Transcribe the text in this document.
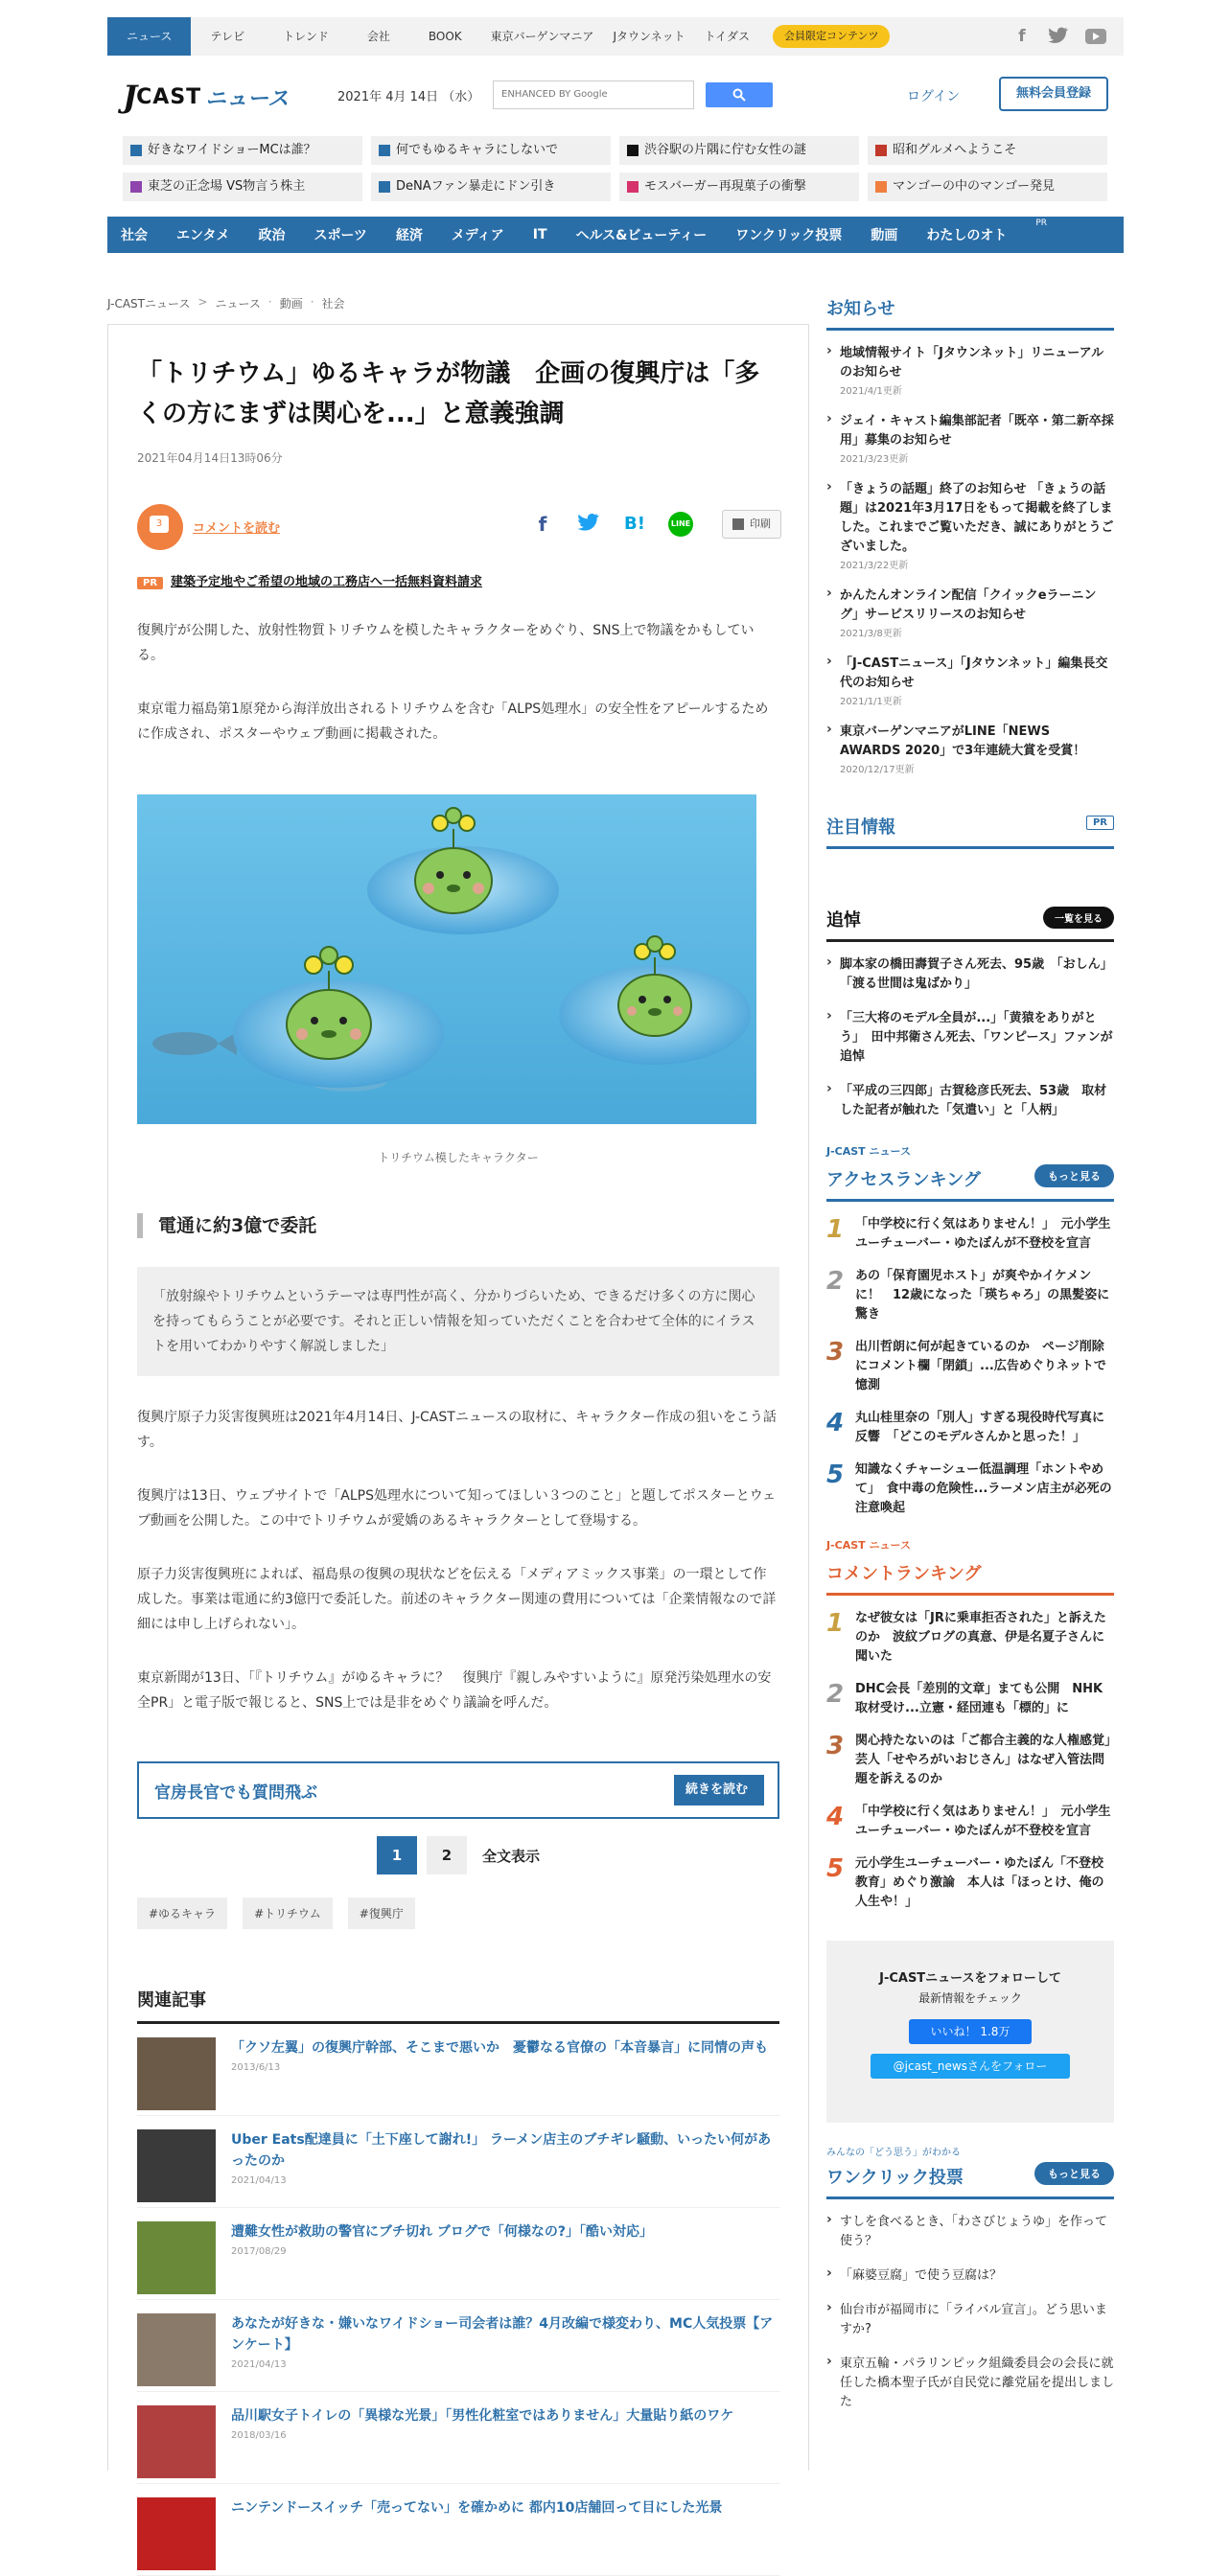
ニュース	テレビ	トレンド	会社	BOOK	東京バーゲンマニア	Jタウンネット	トイダス	会員限定コンテンツ	f
J CAST ニュース	2021年 4月 14日 （水）	ENHANCED BY Google	ログイン	無料会員登録
好きなワイドショーMCは誰？	何でもゆるキャラにしないで	渋谷駅の片隅に佇む女性の謎	昭和グルメへようこそ
東芝の正念場 VS物言う株主	DeNAファン暴走にドン引き	モスバーガー再現菓子の衝撃	マンゴーの中のマンゴー発見
社会 エンタメ 政治 スポーツ 経済 メディア IT ヘルス&ビューティー ワンクリック投票 動画 わたしのオト
PR
J-CASTニュース > ニュース · 動画 · 社会
「トリチウム」ゆるキャラが物議　企画の復興庁は「多くの方にまずは関心を...」と意義強調
2021年04月14日13時06分
3	コメントを読む	f	B!	LINE	印刷
PR 建築予定地やご希望の地域の工務店へ一括無料資料請求

復興庁が公開した、放射性物質トリチウムを模したキャラクターをめぐり、SNS上で物議をかもしている。

東京電力福島第1原発から海洋放出されるトリチウムを含む「ALPS処理水」の安全性をアピールするために作成され、ポスターやウェブ動画に掲載された。

トリチウム模したキャラクター
電通に約3億で委託
「放射線やトリチウムというテーマは専門性が高く、分かりづらいため、できるだけ多くの方に関心を持ってもらうことが必要です。それと正しい情報を知っていただくことを合わせて全体的にイラストを用いてわかりやすく解説しました」

復興庁原子力災害復興班は2021年4月14日、J-CASTニュースの取材に、キャラクター作成の狙いをこう話す。

復興庁は13日、ウェブサイトで「ALPS処理水について知ってほしい３つのこと」と題してポスターとウェブ動画を公開した。この中でトリチウムが愛嬌のあるキャラクターとして登場する。

原子力災害復興班によれば、福島県の復興の現状などを伝える「メディアミックス事業」の一環として作成した。事業は電通に約3億円で委託した。前述のキャラクター関連の費用については「企業情報なので詳細には申し上げられない」。

東京新聞が13日、「『トリチウム』がゆるキャラに？　復興庁『親しみやすいように』原発汚染処理水の安全PR」と電子版で報じると、SNS上では是非をめぐり議論を呼んだ。

官房長官でも質問飛ぶ	続きを読む
1	2	全文表示
#ゆるキャラ	#トリチウム	#復興庁
関連記事
「クソ左翼」の復興庁幹部、そこまで悪いか　憂鬱なる官僚の「本音暴言」に同情の声も
2013/6/13
Uber Eats配達員に「土下座して謝れ!」 ラーメン店主のブチギレ騒動、いったい何があったのか
2021/04/13
遭難女性が救助の警官にブチ切れ ブログで「何様なの?」「酷い対応」
2017/08/29
あなたが好きな・嫌いなワイドショー司会者は誰？4月改編で様変わり、MC人気投票【アンケート】
2021/04/13
品川駅女子トイレの「異様な光景」「男性化粧室ではありません」大量貼り紙のワケ
2018/03/16
ニンテンドースイッチ「売ってない」を確かめに 都内10店舗回って目にした光景
お知らせ
› 地域情報サイト「Jタウンネット」リニューアルのお知らせ
2021/4/1更新
› ジェイ・キャスト編集部記者「既卒・第二新卒採用」募集のお知らせ
2021/3/23更新
› 「きょうの話題」終了のお知らせ 「きょうの話題」は2021年3月17日をもって掲載を終了しました。これまでご覧いただき、誠にありがとうございました。
2021/3/22更新
› かんたんオンライン配信「クイックeラーニング」サービスリリースのお知らせ
2021/3/8更新
› 「J-CASTニュース」「Jタウンネット」編集長交代のお知らせ
2021/1/1更新
› 東京バーゲンマニアがLINE「NEWS AWARDS 2020」で3年連続大賞を受賞！
2020/12/17更新
注目情報	PR
追悼	一覧を見る
› 脚本家の橋田壽賀子さん死去、95歳　「おしん」「渡る世間は鬼ばかり」
› 「三大将のモデル全員が...」「黄猿をありがとう」　田中邦衛さん死去、「ワンピース」ファンが追悼
› 「平成の三四郎」古賀稔彦氏死去、53歳　取材した記者が触れた「気遣い」と「人柄」
J-CAST ニュース
アクセスランキング	もっと見る
1 「中学校に行く気はありません！」　元小学生ユーチューバー・ゆたぼんが不登校を宣言
2 あの「保育園児ホスト」が爽やかイケメンに！　12歳になった「瑛ちゃろ」の黒髪姿に驚き
3 出川哲朗に何が起きているのか　ページ削除にコメント欄「閉鎖」...広告めぐりネットで憶測
4 丸山桂里奈の「別人」すぎる現役時代写真に反響　「どこのモデルさんかと思った！」
5 知識なくチャーシュー低温調理「ホントやめて」　食中毒の危険性...ラーメン店主が必死の注意喚起
J-CAST ニュース
コメントランキング
1 なぜ彼女は「JRに乗車拒否された」と訴えたのか　波紋ブログの真意、伊是名夏子さんに聞いた
2 DHC会長「差別的文章」まても公開　NHK取材受け...立憲・経団連も「標的」に
3 関心持たないのは「ご都合主義的な人権感覚」　芸人「せやろがいおじさん」はなぜ入管法問題を訴えるのか
4 「中学校に行く気はありません！」　元小学生ユーチューバー・ゆたぼんが不登校を宣言
5 元小学生ユーチューバー・ゆたぼん「不登校教育」めぐり激論　本人は「ほっとけ、俺の人生や！」
J-CASTニュースをフォローして
最新情報をチェック
いいね！ 1.8万
@jcast_newsさんをフォロー
みんなの「どう思う」がわかる
ワンクリック投票	もっと見る
› すしを食べるとき、「わさびじょうゆ」を作って使う？
› 「麻婆豆腐」で使う豆腐は？
› 仙台市が福岡市に「ライバル宣言」。どう思いますか?
› 東京五輪・パラリンピック組織委員会の会長に就任した橋本聖子氏が自民党に離党届を提出しました
